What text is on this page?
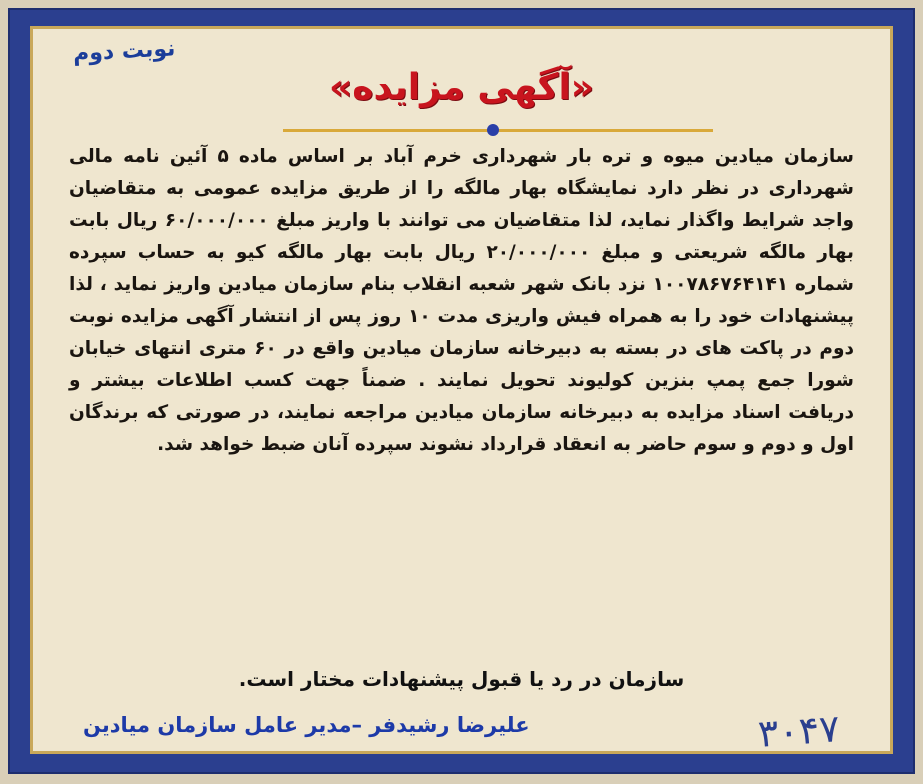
نوبت دوم
«آگهی مزایده»
سازمان میادین میوه و تره بار شهرداری خرم آباد بر اساس ماده ۵ آئین نامه مالی شهرداری در نظر دارد نمایشگاه بهار مالگه را از طریق مزایده عمومی به متقاضیان واجد شرایط واگذار نماید، لذا متقاضیان می توانند با واریز مبلغ ۶۰/۰۰۰/۰۰۰ ریال بابت بهار مالگه شریعتی و مبلغ ۲۰/۰۰۰/۰۰۰ ریال بابت بهار مالگه کیو به حساب سپرده شماره ۱۰۰۷۸۶۷۶۴۱۴۱ نزد بانک شهر شعبه انقلاب بنام سازمان میادین واریز نماید ، لذا پیشنهادات خود را به همراه فیش واریزی مدت ۱۰ روز پس از انتشار آگهی مزایده نوبت دوم در پاکت های در بسته به دبیرخانه سازمان میادین واقع در ۶۰ متری انتهای خیابان شورا جمع پمپ بنزین کولیوند تحویل نمایند . ضمناً جهت کسب اطلاعات بیشتر و دریافت اسناد مزایده به دبیرخانه سازمان میادین مراجعه نمایند، در صورتی که برندگان اول و دوم و سوم حاضر به انعقاد قرارداد نشوند سپرده آنان ضبط خواهد شد.
سازمان در رد یا قبول پیشنهادات مختار است.
علیرضا رشیدفر –مدیر عامل سازمان میادین	۳۰۴۷
